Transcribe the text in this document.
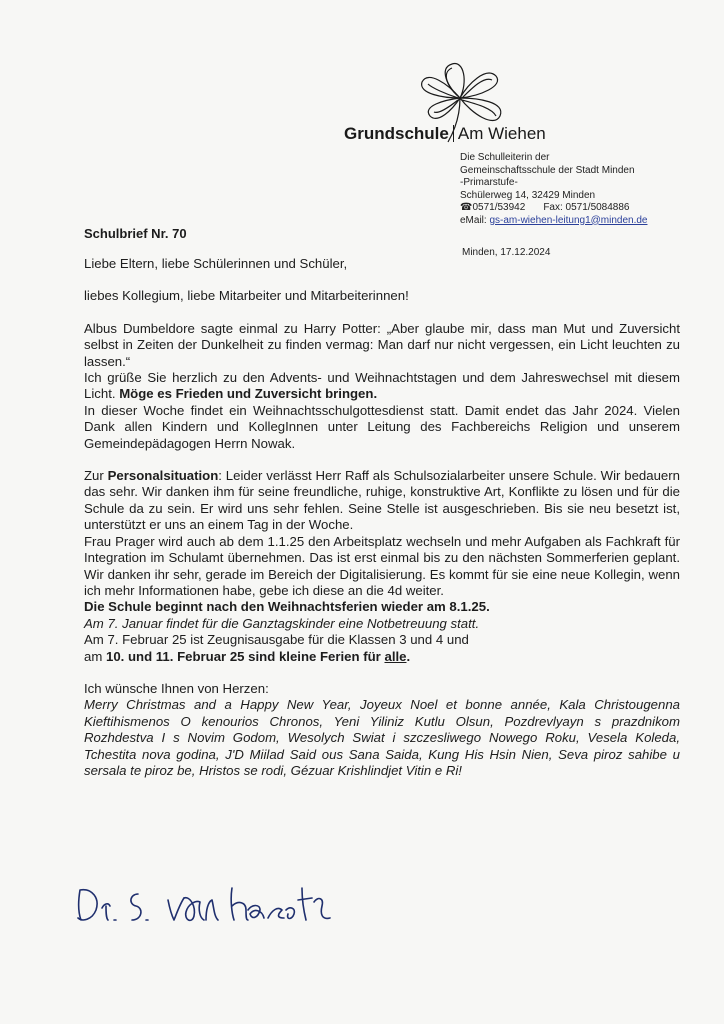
Grundschule Am Wiehen
Die Schulleiterin der
Gemeinschaftsschule der Stadt Minden
-Primarstufe-
Schülerweg 14, 32429 Minden
☎0571/53942 Fax: 0571/5084886
eMail: gs-am-wiehen-leitung1@minden.de
Schulbrief Nr. 70
Minden, 17.12.2024

Liebe Eltern, liebe Schülerinnen und Schüler,

liebes Kollegium, liebe Mitarbeiter und Mitarbeiterinnen!

Albus Dumbeldore sagte einmal zu Harry Potter: „Aber glaube mir, dass man Mut und Zuversicht selbst in Zeiten der Dunkelheit zu finden vermag: Man darf nur nicht vergessen, ein Licht leuchten zu lassen.“

Ich grüße Sie herzlich zu den Advents- und Weihnachtstagen und dem Jahreswechsel mit diesem Licht. Möge es Frieden und Zuversicht bringen.

In dieser Woche findet ein Weihnachtsschulgottesdienst statt. Damit endet das Jahr 2024. Vielen Dank allen Kindern und KollegInnen unter Leitung des Fachbereichs Religion und unserem Gemeindepädagogen Herrn Nowak.

Zur Personalsituation: Leider verlässt Herr Raff als Schulsozialarbeiter unsere Schule. Wir bedauern das sehr. Wir danken ihm für seine freundliche, ruhige, konstruktive Art, Konflikte zu lösen und für die Schule da zu sein. Er wird uns sehr fehlen. Seine Stelle ist ausgeschrieben. Bis sie neu besetzt ist, unterstützt er uns an einem Tag in der Woche.

Frau Prager wird auch ab dem 1.1.25 den Arbeitsplatz wechseln und mehr Aufgaben als Fachkraft für Integration im Schulamt übernehmen. Das ist erst einmal bis zu den nächsten Sommerferien geplant. Wir danken ihr sehr, gerade im Bereich der Digitalisierung. Es kommt für sie eine neue Kollegin, wenn ich mehr Informationen habe, gebe ich diese an die 4d weiter.

Die Schule beginnt nach den Weihnachtsferien wieder am 8.1.25.

Am 7. Januar findet für die Ganztagskinder eine Notbetreuung statt.

Am 7. Februar 25 ist Zeugnisausgabe für die Klassen 3 und 4 und

am 10. und 11. Februar 25 sind kleine Ferien für alle.

Ich wünsche Ihnen von Herzen:

Merry Christmas and a Happy New Year, Joyeux Noel et bonne année, Kala Christougenna Kieftihismenos O kenourios Chronos, Yeni Yiliniz Kutlu Olsun, Pozdrevlyayn s prazdnikom Rozhdestva I s Novim Godom, Wesolych Swiat i szczesliwego Nowego Roku, Vesela Koleda, Tchestita nova godina, J'D Miilad Said ous Sana Saida, Kung His Hsin Nien, Seva piroz sahibe u sersala te piroz be, Hristos se rodi, Gézuar Krishlindjet Vitin e Ri!
